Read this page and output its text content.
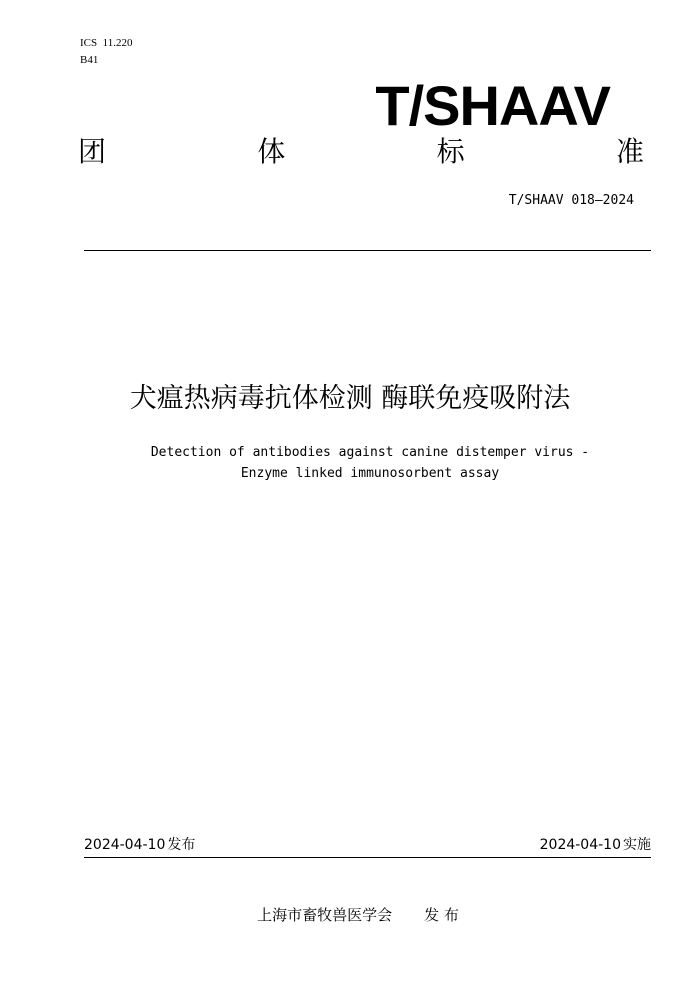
ICS  11.220
B41
T/SHAAV
团	体	标	准
T/SHAAV 018—2024
犬瘟热病毒抗体检测 酶联免疫吸附法
Detection of antibodies against canine distemper virus -
Enzyme linked immunosorbent assay
2024-04-10 发布	2024-04-10 实施
上海市畜牧兽医学会 发 布
